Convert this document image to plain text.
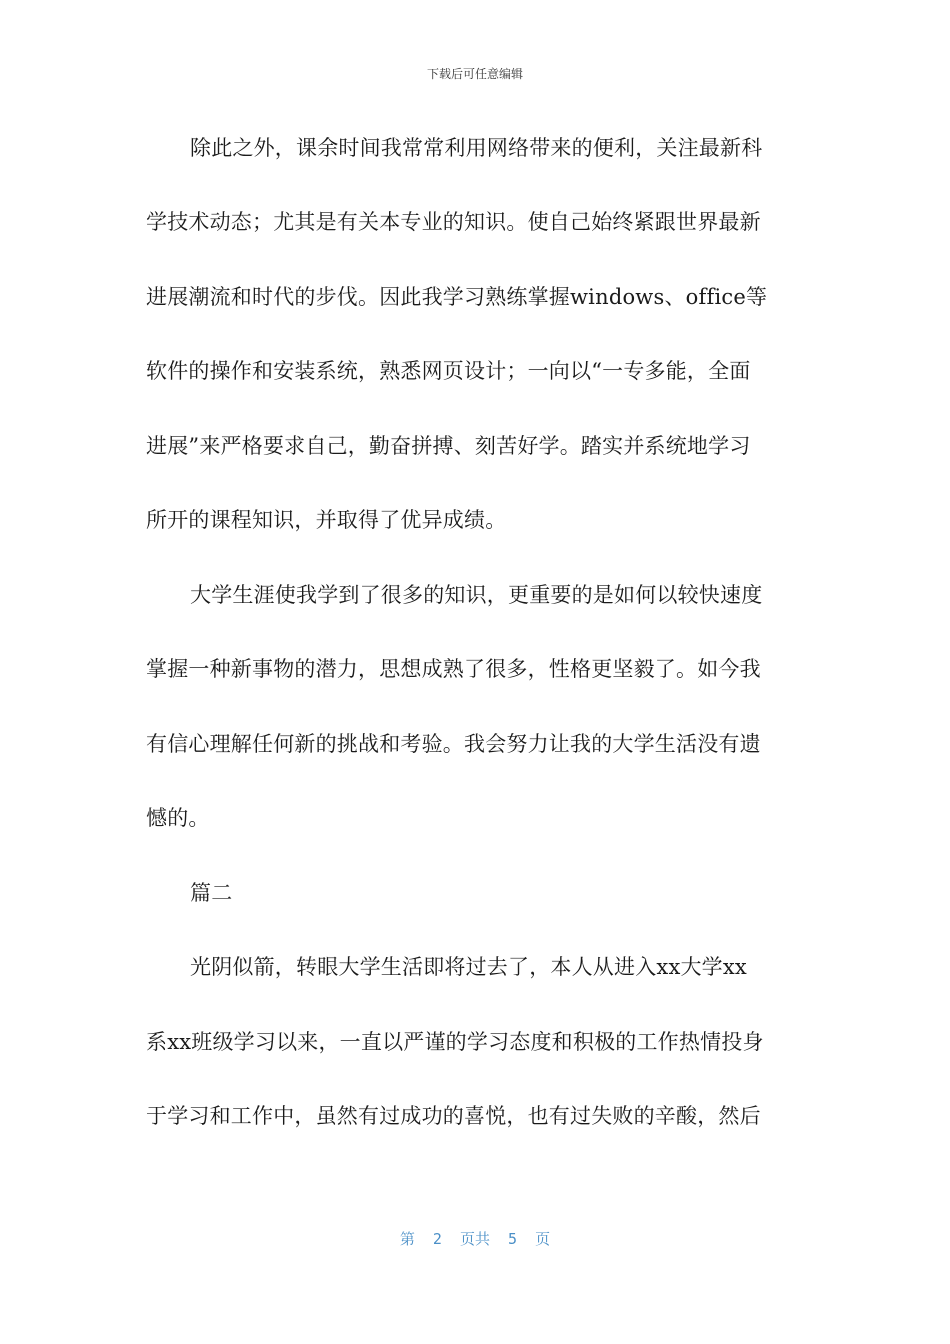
下载后可任意编辑
除此之外，课余时间我常常利用网络带来的便利，关注最新科
学技术动态；尤其是有关本专业的知识。使自己始终紧跟世界最新
进展潮流和时代的步伐。因此我学习熟练掌握windows、office等
软件的操作和安装系统，熟悉网页设计；一向以“一专多能，全面
进展”来严格要求自己，勤奋拼搏、刻苦好学。踏实并系统地学习
所开的课程知识，并取得了优异成绩。
大学生涯使我学到了很多的知识，更重要的是如何以较快速度
掌握一种新事物的潜力，思想成熟了很多，性格更坚毅了。如今我
有信心理解任何新的挑战和考验。我会努力让我的大学生活没有遗
憾的。
篇二
光阴似箭，转眼大学生活即将过去了，本人从进入xx大学xx
系xx班级学习以来，一直以严谨的学习态度和积极的工作热情投身
于学习和工作中，虽然有过成功的喜悦，也有过失败的辛酸，然后
第  2  页共  5  页
